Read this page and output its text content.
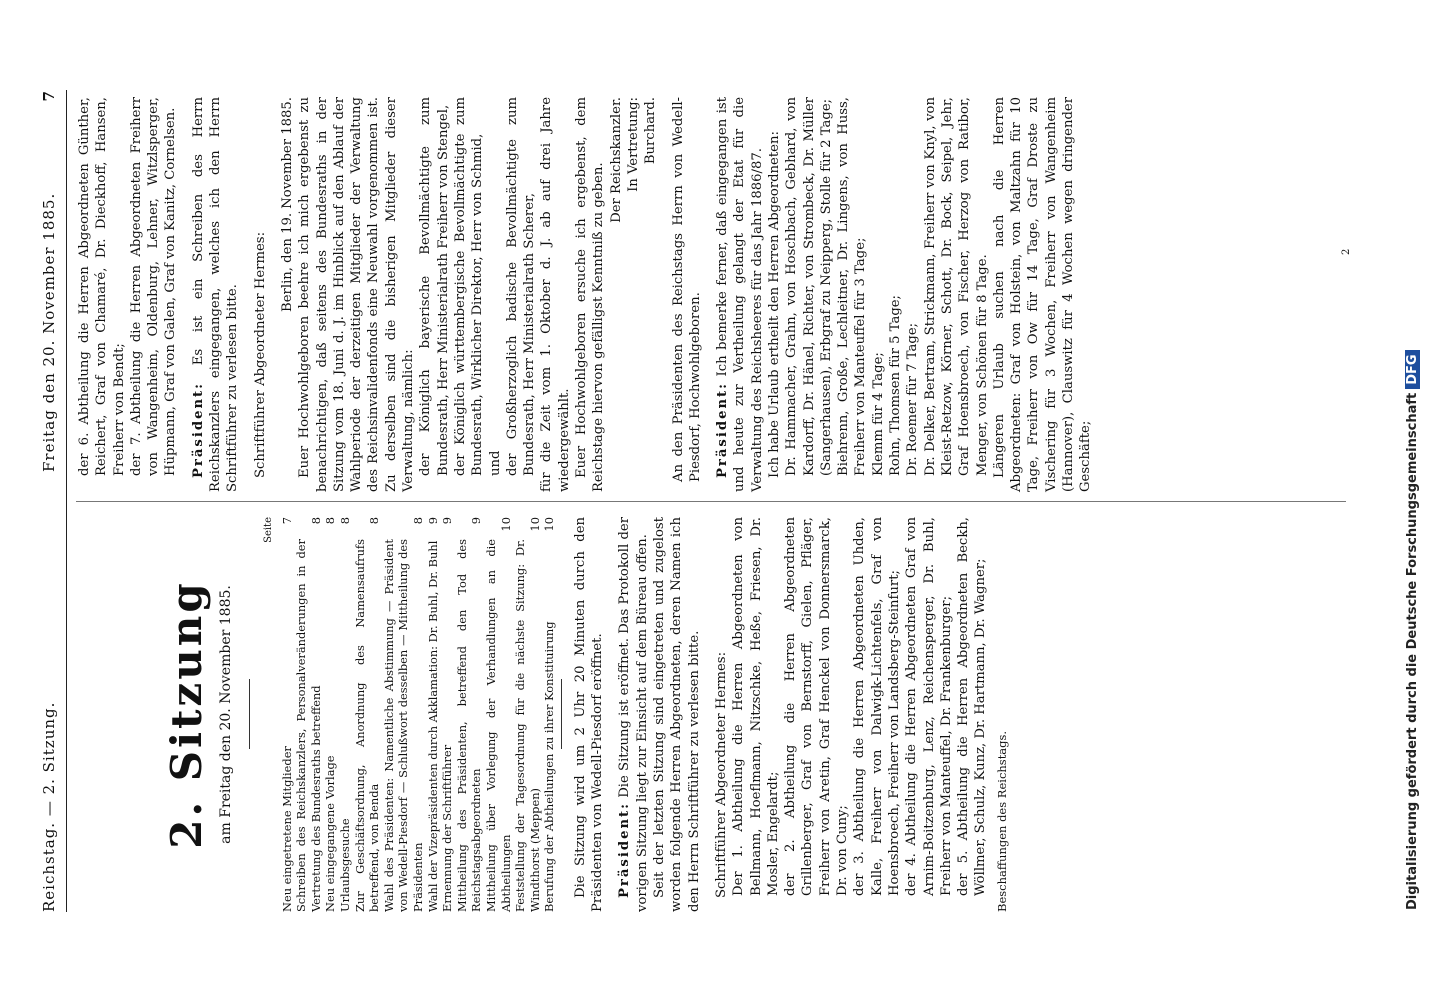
Reichstag. — 2. Sitzung.
7
Freitag den 20. November 1885.
2. Sitzung am Freitag den 20. November 1885.
Seite
Neu eingetretene Mitglieder
7
Schreiben des Reichskanzlers, Personalveränderungen in der Vertretung des Bundesraths betreffend
8
Neu eingegangene Vorlage
8
Urlaubsgesuche
8
Zur Geschäftsordnung, Anordnung des Namensaufrufs betreffend, von Benda
8
Wahl des Präsidenten: Namentliche Abstimmung — Präsident von Wedell-Piesdorf — Schlußwort desselben — Mittheilung des Präsidenten
8
Wahl der Vizepräsidenten durch Akklamation: Dr. Buhl, Dr. Buhl
9
Ernennung der Schriftführer
9
Mittheilung des Präsidenten, betreffend den Tod des Reichstagsabgeordneten
9
Mittheilung über Vorlegung der Verhandlungen an die Abtheilungen
10
Feststellung der Tagesordnung für die nächste Sitzung: Dr. Windthorst (Meppen)
10
Berufung der Abtheilungen zu ihrer Konstituirung
10 Die Sitzung wird um 2 Uhr 20 Minuten durch den Präsidenten von Wedell-Piesdorf eröffnet. Präsident: Die Sitzung ist eröffnet. Das Protokoll der vorigen Sitzung liegt zur Einsicht auf dem Büreau offen. Seit der letzten Sitzung sind eingetreten und zugelost worden folgende Herren Abgeordneten, deren Namen ich den Herrn Schriftführer zu verlesen bitte. Schriftführer Abgeordneter Hermes: Der 1. Abtheilung die Herren Abgeordneten von Bellmann, Hoeflmann, Nitzschke, Heße, Friesen, Dr. Mosler, Engelardt; der 2. Abtheilung die Herren Abgeordneten Grillenberger, Graf von Bernstorff, Gielen, Pfläger, Freiherr von Aretin, Graf Henckel von Donnersmarck, Dr. von Cuny; der 3. Abtheilung die Herren Abgeordneten Uhden, Kalle, Freiherr von Dalwigk-Lichtenfels, Graf von Hoensbroech, Freiherr von Landsberg-Steinfurt; der 4. Abtheilung die Herren Abgeordneten Graf von Arnim-Boitzenburg, Lenz, Reichensperger, Dr. Buhl, Freiherr von Manteuffel, Dr. Frankenburger; der 5. Abtheilung die Herren Abgeordneten Beckh, Wöllmer, Schulz, Kunz, Dr. Hartmann, Dr. Wagner; Beschaffungen des Reichstags.

der 6. Abtheilung die Herren Abgeordneten Günther, Reichert, Graf von Chamaré, Dr. Dieckhoff, Hansen, Freiherr von Bendt; der 7. Abtheilung die Herren Abgeordneten Freiherr von Wangenheim, Oldenburg, Lehner, Witzlsperger, Hüpmann, Graf von Galen, Graf von Kanitz, Cornelsen. Präsident: Es ist ein Schreiben des Herrn Reichskanzlers eingegangen, welches ich den Herrn Schriftführer zu verlesen bitte. Schriftführer Abgeordneter Hermes:

Berlin, den 19. November 1885. Euer Hochwohlgeboren beehre ich mich ergebenst zu benachrichtigen, daß seitens des Bundesraths in der Sitzung vom 18. Juni d. J. im Hinblick auf den Ablauf der Wahlperiode der derzeitigen Mitglieder der Verwaltung des Reichsinvalidenfonds eine Neuwahl vorgenommen ist. Zu derselben sind die bisherigen Mitglieder dieser Verwaltung, nämlich: der Königlich bayerische Bevollmächtigte zum Bundesrath, Herr Ministerialrath Freiherr von Stengel, der Königlich württembergische Bevollmächtigte zum Bundesrath, Wirklicher Direktor, Herr von Schmid, und der Großherzoglich badische Bevollmächtigte zum Bundesrath, Herr Ministerialrath Scherer, für die Zeit vom 1. Oktober d. J. ab auf drei Jahre wiedergewählt. Euer Hochwohlgeboren ersuche ich ergebenst, dem Reichstage hiervon gefälligst Kenntniß zu geben.

Der Reichskanzler. In Vertretung: Burchard. An den Präsidenten des Reichstags Herrn von Wedell-Piesdorf, Hochwohlgeboren. Präsident: Ich bemerke ferner, daß eingegangen ist und heute zur Vertheilung gelangt der Etat für die Verwaltung des Reichsheeres für das Jahr 1886/87. Ich habe Urlaub ertheilt den Herren Abgeordneten: Dr. Hammacher, Grahn, von Hoschbach, Gebhard, von Kardorff, Dr. Hänel, Richter, von Strombeck, Dr. Müller (Sangerhausen), Erbgraf zu Neipperg, Stolle für 2 Tage; Biehrenn, Große, Lechleitner, Dr. Lingens, von Huss, Freiherr von Manteuffel für 3 Tage; Klemm für 4 Tage; Rohn, Thomsen für 5 Tage; Dr. Roemer für 7 Tage; Dr. Delker, Bertram, Strickmann, Freiherr von Knyl, von Kleist-Retzow, Körner, Schott, Dr. Bock, Seipel, Jehr, Graf Hoensbroech, von Fischer, Herzog von Ratibor, Menger, von Schönen für 8 Tage. Längeren Urlaub suchen nach die Herren Abgeordneten: Graf von Holstein, von Maltzahn für 10 Tage, Freiherr von Ow für 14 Tage, Graf Droste zu Vischering für 3 Wochen, Freiherr von Wangenheim (Hannover), Clauswitz für 4 Wochen wegen dringender Geschäfte;

2
Digitalisierung gefördert durch die Deutsche ForschungsgemeinschaftDFG
